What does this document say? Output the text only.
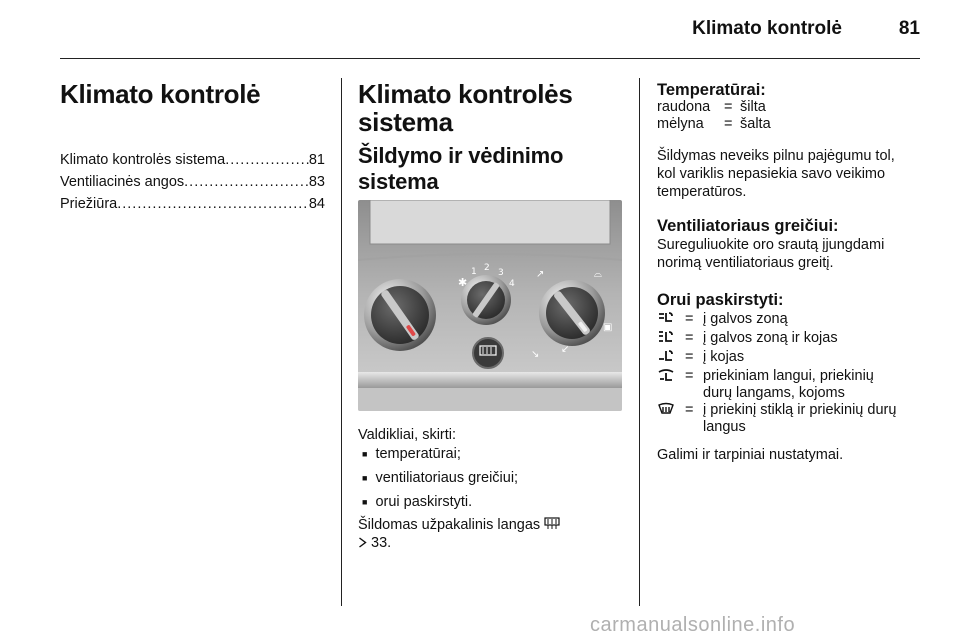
Klimato kontrolė	81
Klimato kontrolė
Klimato kontrolės sistema .....	81
Ventiliacinės angos .....	83
Priežiūra .....	84
Klimato kontrolės
sistema
Šildymo ir vėdinimo
sistema
✱
1 2 3
4
↗	⌓
↘ ↙
▣
Valdikliai, skirti:
■ temperatūrai;
■ ventiliatoriaus greičiui;
■ orui paskirstyti.
Šildomas užpakalinis langas
33.
Temperatūrai:
raudona	=	šilta
mėlyna	=	šalta
Šildymas neveiks pilnu pajėgumu tol,
kol variklis nepasiekia savo veikimo
temperatūros.
Ventiliatoriaus greičiui:
Sureguliuokite oro srautą įjungdami
norimą ventiliatoriaus greitį.
Orui paskirstyti:
	=	į galvos zoną
	=	į galvos zoną ir kojas
	=	į kojas
	=	priekiniam langui, priekinių
durų langams, kojoms

	=	į priekinį stiklą ir priekinių durų
langus
Galimi ir tarpiniai nustatymai.
carmanualsonline.info
